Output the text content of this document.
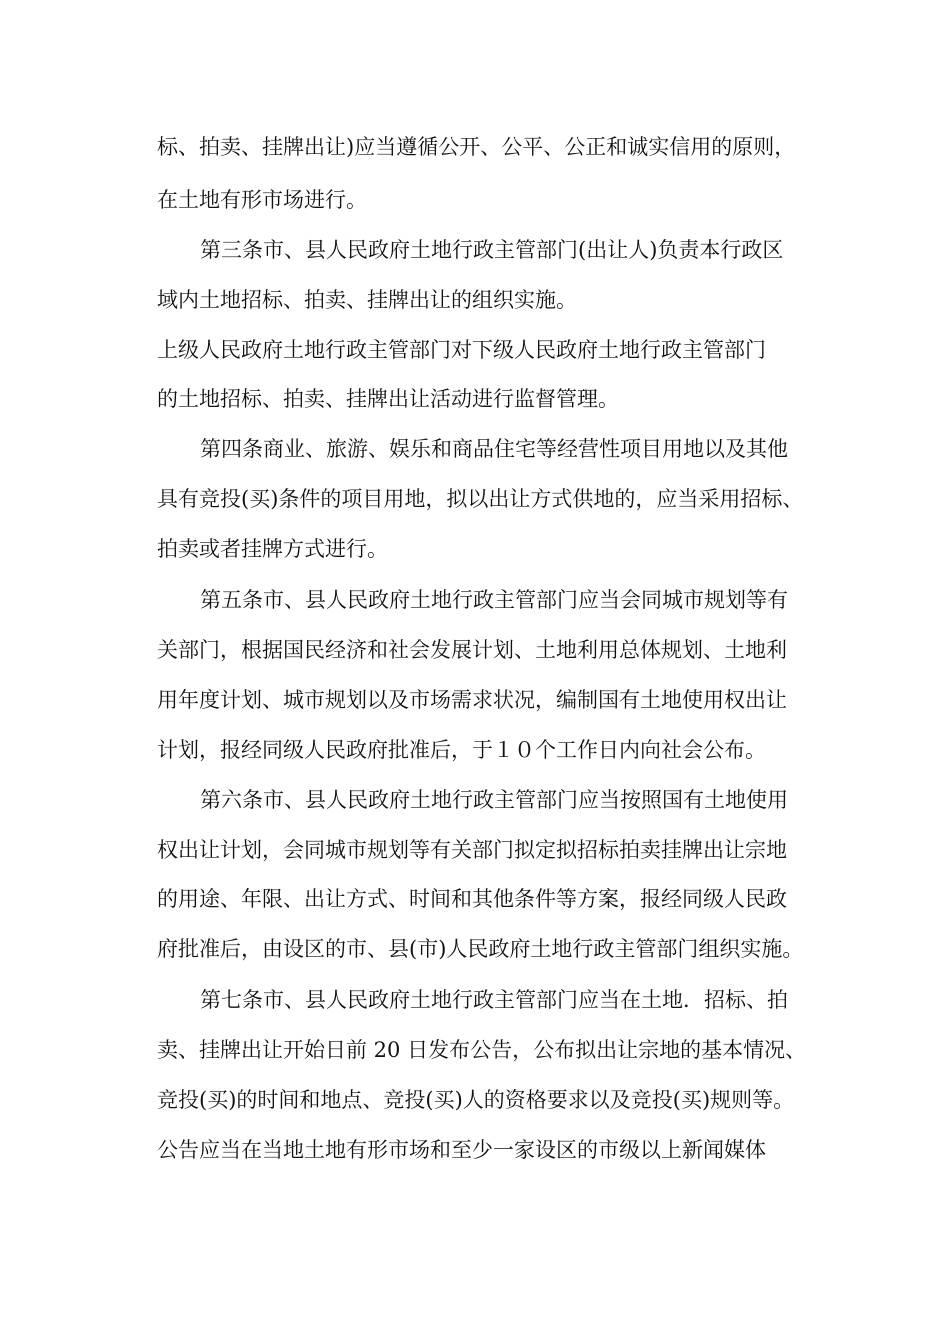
标、拍卖、挂牌出让)应当遵循公开、公平、公正和诚实信用的原则，
在土地有形市场进行。
第三条市、县人民政府土地行政主管部门(出让人)负责本行政区
域内土地招标、拍卖、挂牌出让的组织实施。
上级人民政府土地行政主管部门对下级人民政府土地行政主管部门
的土地招标、拍卖、挂牌出让活动进行监督管理。
第四条商业、旅游、娱乐和商品住宅等经营性项目用地以及其他
具有竞投(买)条件的项目用地，拟以出让方式供地的，应当采用招标、
拍卖或者挂牌方式进行。
第五条市、县人民政府土地行政主管部门应当会同城市规划等有
关部门，根据国民经济和社会发展计划、土地利用总体规划、土地利
用年度计划、城市规划以及市场需求状况，编制国有土地使用权出让
计划，报经同级人民政府批准后，于１０个工作日内向社会公布。
第六条市、县人民政府土地行政主管部门应当按照国有土地使用
权出让计划，会同城市规划等有关部门拟定拟招标拍卖挂牌出让宗地
的用途、年限、出让方式、时间和其他条件等方案，报经同级人民政
府批准后，由设区的市、县(市)人民政府土地行政主管部门组织实施。
第七条市、县人民政府土地行政主管部门应当在土地．招标、拍
卖、挂牌出让开始日前 20 日发布公告，公布拟出让宗地的基本情况、
竞投(买)的时间和地点、竞投(买)人的资格要求以及竞投(买)规则等。
公告应当在当地土地有形市场和至少一家设区的市级以上新闻媒体
